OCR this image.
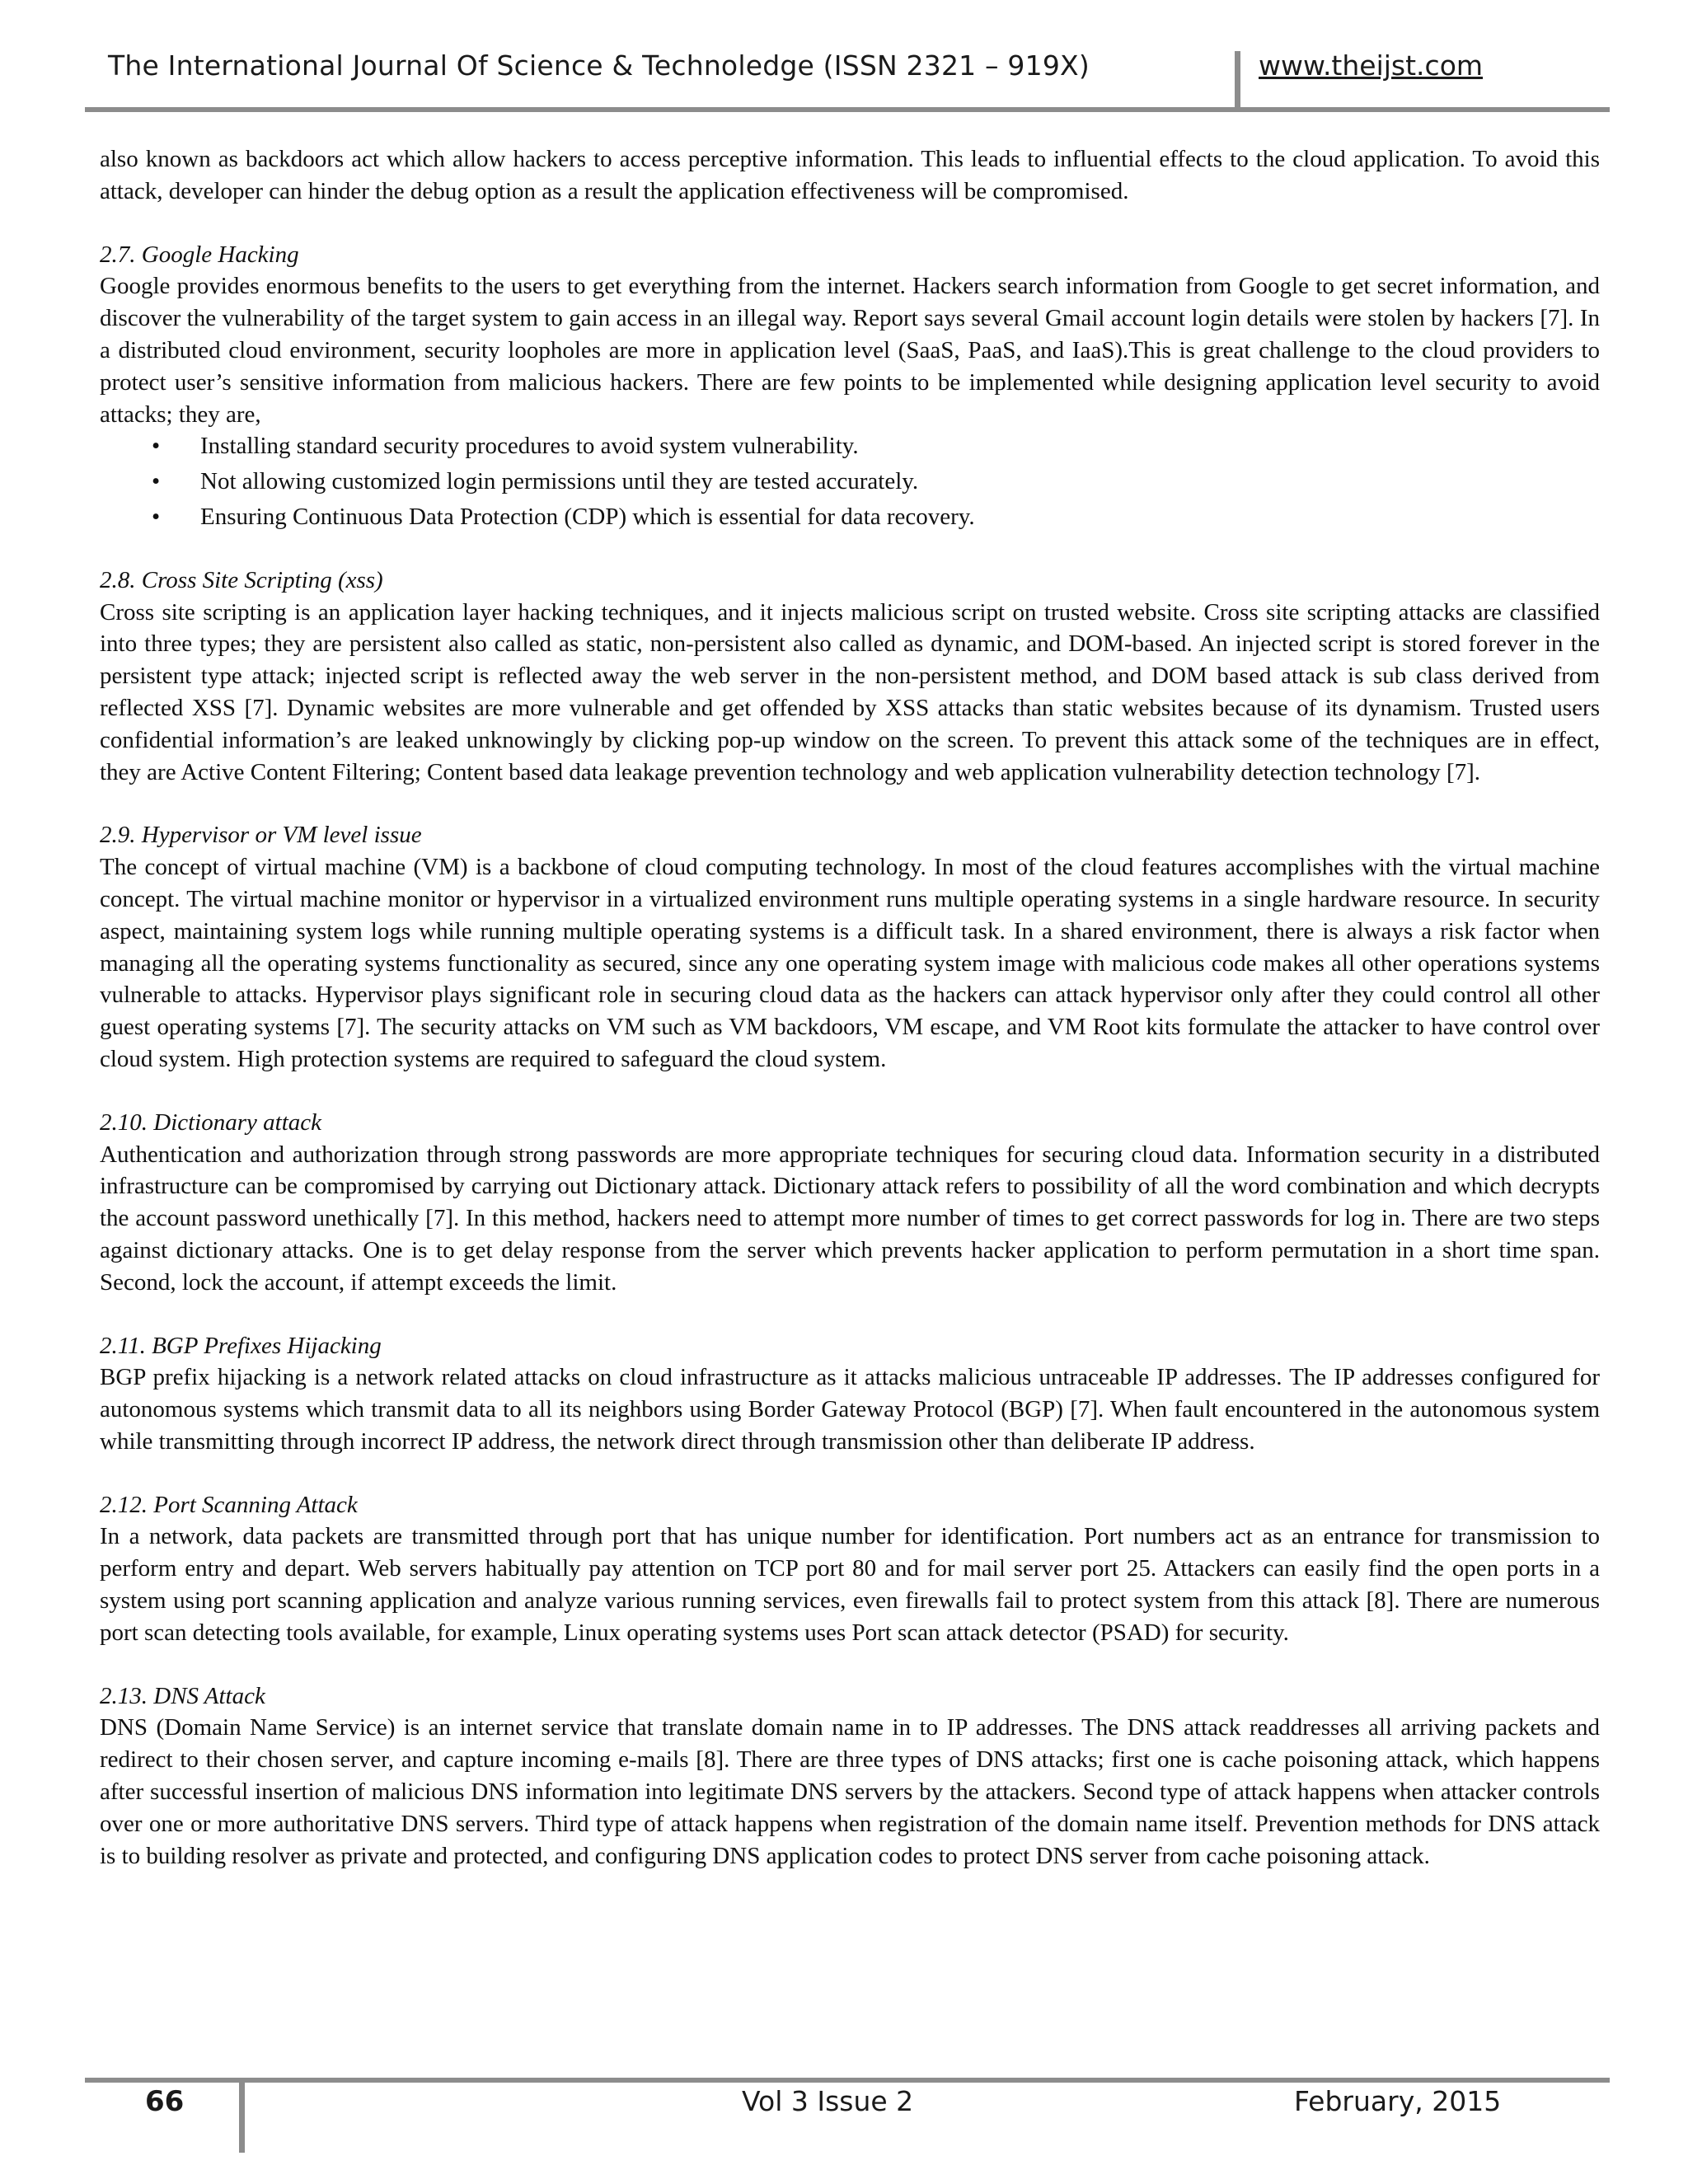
The International Journal Of Science & Technoledge (ISSN 2321 – 919X)	www.theijst.com

also known as backdoors act which allow hackers to access perceptive information. This leads to influential effects to the cloud application. To avoid this attack, developer can hinder the debug option as a result the application effectiveness will be compromised.

2.7. Google Hacking

Google provides enormous benefits to the users to get everything from the internet. Hackers search information from Google to get secret information, and discover the vulnerability of the target system to gain access in an illegal way. Report says several Gmail account login details were stolen by hackers [7]. In a distributed cloud environment, security loopholes are more in application level (SaaS, PaaS, and IaaS).This is great challenge to the cloud providers to protect user’s sensitive information from malicious hackers. There are few points to be implemented while designing application level security to avoid attacks; they are,

• Installing standard security procedures to avoid system vulnerability.
• Not allowing customized login permissions until they are tested accurately.
• Ensuring Continuous Data Protection (CDP) which is essential for data recovery.

2.8. Cross Site Scripting (xss)

Cross site scripting is an application layer hacking techniques, and it injects malicious script on trusted website. Cross site scripting attacks are classified into three types; they are persistent also called as static, non-persistent also called as dynamic, and DOM-based. An injected script is stored forever in the persistent type attack; injected script is reflected away the web server in the non-persistent method, and DOM based attack is sub class derived from reflected XSS [7]. Dynamic websites are more vulnerable and get offended by XSS attacks than static websites because of its dynamism. Trusted users confidential information’s are leaked unknowingly by clicking pop-up window on the screen. To prevent this attack some of the techniques are in effect, they are Active Content Filtering; Content based data leakage prevention technology and web application vulnerability detection technology [7].

2.9. Hypervisor or VM level issue

The concept of virtual machine (VM) is a backbone of cloud computing technology. In most of the cloud features accomplishes with the virtual machine concept. The virtual machine monitor or hypervisor in a virtualized environment runs multiple operating systems in a single hardware resource. In security aspect, maintaining system logs while running multiple operating systems is a difficult task. In a shared environment, there is always a risk factor when managing all the operating systems functionality as secured, since any one operating system image with malicious code makes all other operations systems vulnerable to attacks. Hypervisor plays significant role in securing cloud data as the hackers can attack hypervisor only after they could control all other guest operating systems [7]. The security attacks on VM such as VM backdoors, VM escape, and VM Root kits formulate the attacker to have control over cloud system. High protection systems are required to safeguard the cloud system.

2.10. Dictionary attack

Authentication and authorization through strong passwords are more appropriate techniques for securing cloud data. Information security in a distributed infrastructure can be compromised by carrying out Dictionary attack. Dictionary attack refers to possibility of all the word combination and which decrypts the account password unethically [7]. In this method, hackers need to attempt more number of times to get correct passwords for log in. There are two steps against dictionary attacks. One is to get delay response from the server which prevents hacker application to perform permutation in a short time span. Second, lock the account, if attempt exceeds the limit.

2.11. BGP Prefixes Hijacking

BGP prefix hijacking is a network related attacks on cloud infrastructure as it attacks malicious untraceable IP addresses. The IP addresses configured for autonomous systems which transmit data to all its neighbors using Border Gateway Protocol (BGP) [7]. When fault encountered in the autonomous system while transmitting through incorrect IP address, the network direct through transmission other than deliberate IP address.

2.12. Port Scanning Attack

In a network, data packets are transmitted through port that has unique number for identification. Port numbers act as an entrance for transmission to perform entry and depart. Web servers habitually pay attention on TCP port 80 and for mail server port 25. Attackers can easily find the open ports in a system using port scanning application and analyze various running services, even firewalls fail to protect system from this attack [8]. There are numerous port scan detecting tools available, for example, Linux operating systems uses Port scan attack detector (PSAD) for security.

2.13. DNS Attack

DNS (Domain Name Service) is an internet service that translate domain name in to IP addresses. The DNS attack readdresses all arriving packets and redirect to their chosen server, and capture incoming e-mails [8]. There are three types of DNS attacks; first one is cache poisoning attack, which happens after successful insertion of malicious DNS information into legitimate DNS servers by the attackers. Second type of attack happens when attacker controls over one or more authoritative DNS servers. Third type of attack happens when registration of the domain name itself. Prevention methods for DNS attack is to building resolver as private and protected, and configuring DNS application codes to protect DNS server from cache poisoning attack.

66	Vol 3 Issue 2	February, 2015
